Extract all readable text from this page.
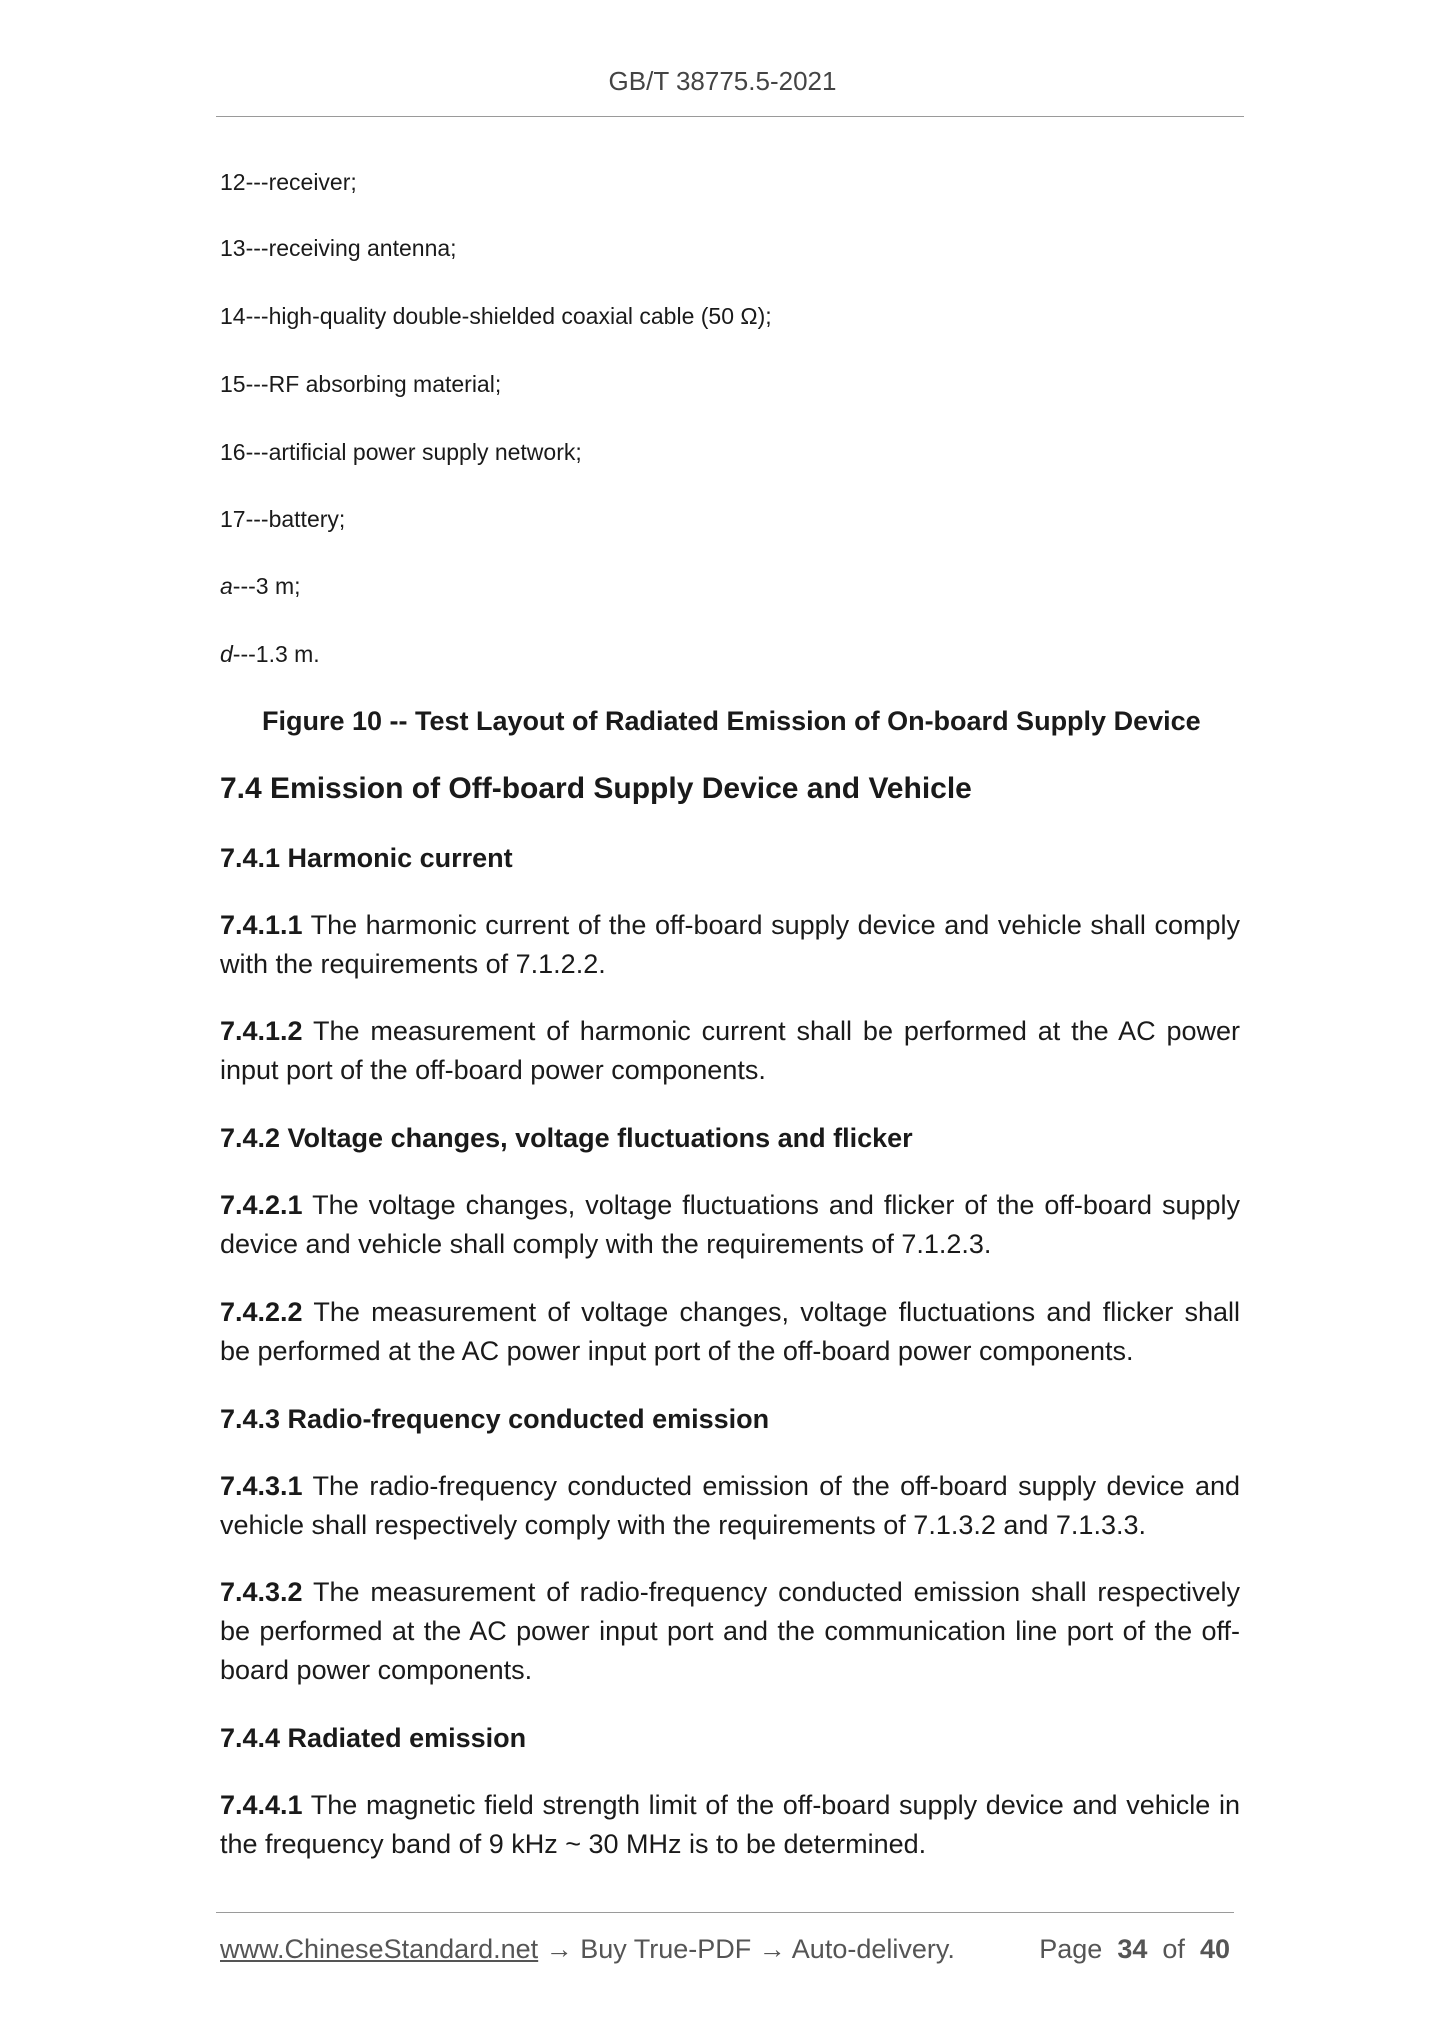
GB/T 38775.5-2021
12---receiver;
13---receiving antenna;
14---high-quality double-shielded coaxial cable (50 Ω);
15---RF absorbing material;
16---artificial power supply network;
17---battery;
a---3 m;
d---1.3 m.
Figure 10 -- Test Layout of Radiated Emission of On-board Supply Device
7.4 Emission of Off-board Supply Device and Vehicle
7.4.1 Harmonic current
7.4.1.1 The harmonic current of the off-board supply device and vehicle shall comply with the requirements of 7.1.2.2.
7.4.1.2 The measurement of harmonic current shall be performed at the AC power input port of the off-board power components.
7.4.2 Voltage changes, voltage fluctuations and flicker
7.4.2.1 The voltage changes, voltage fluctuations and flicker of the off-board supply device and vehicle shall comply with the requirements of 7.1.2.3.
7.4.2.2 The measurement of voltage changes, voltage fluctuations and flicker shall be performed at the AC power input port of the off-board power components.
7.4.3 Radio-frequency conducted emission
7.4.3.1 The radio-frequency conducted emission of the off-board supply device and vehicle shall respectively comply with the requirements of 7.1.3.2 and 7.1.3.3.
7.4.3.2 The measurement of radio-frequency conducted emission shall respectively be performed at the AC power input port and the communication line port of the off-board power components.
7.4.4 Radiated emission
7.4.4.1 The magnetic field strength limit of the off-board supply device and vehicle in the frequency band of 9 kHz ~ 30 MHz is to be determined.
www.ChineseStandard.net → Buy True-PDF → Auto-delivery.	Page 34 of 40
